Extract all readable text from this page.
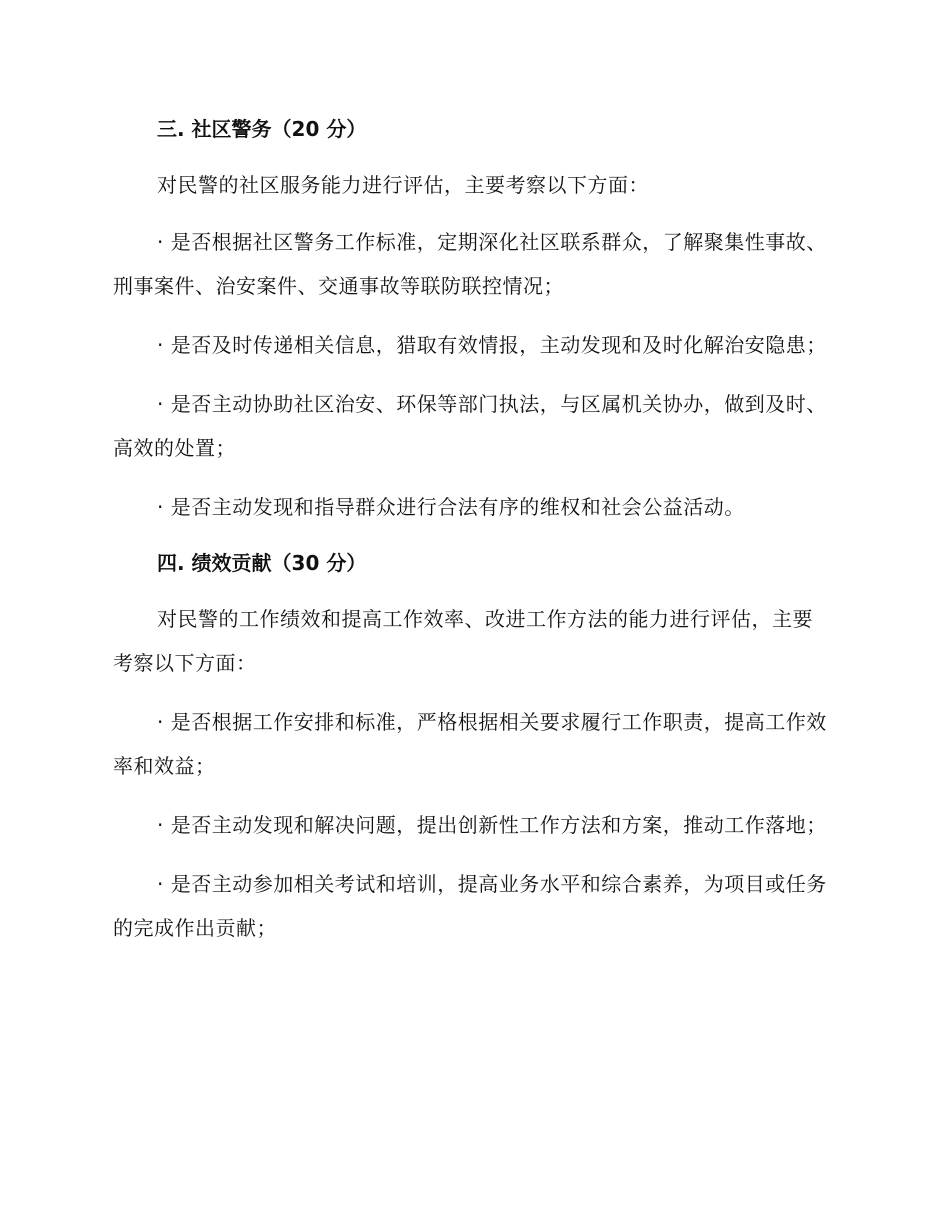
三. 社区警务（20 分）

对民警的社区服务能力进行评估，主要考察以下方面：

· 是否根据社区警务工作标准，定期深化社区联系群众，了解聚集性事故、刑事案件、治安案件、交通事故等联防联控情况；

· 是否及时传递相关信息，猎取有效情报，主动发现和及时化解治安隐患；

· 是否主动协助社区治安、环保等部门执法，与区属机关协办，做到及时、高效的处置；

· 是否主动发现和指导群众进行合法有序的维权和社会公益活动。

四. 绩效贡献（30 分）

对民警的工作绩效和提高工作效率、改进工作方法的能力进行评估，主要考察以下方面：

· 是否根据工作安排和标准，严格根据相关要求履行工作职责，提高工作效率和效益；

· 是否主动发现和解决问题，提出创新性工作方法和方案，推动工作落地；

· 是否主动参加相关考试和培训，提高业务水平和综合素养，为项目或任务的完成作出贡献；
